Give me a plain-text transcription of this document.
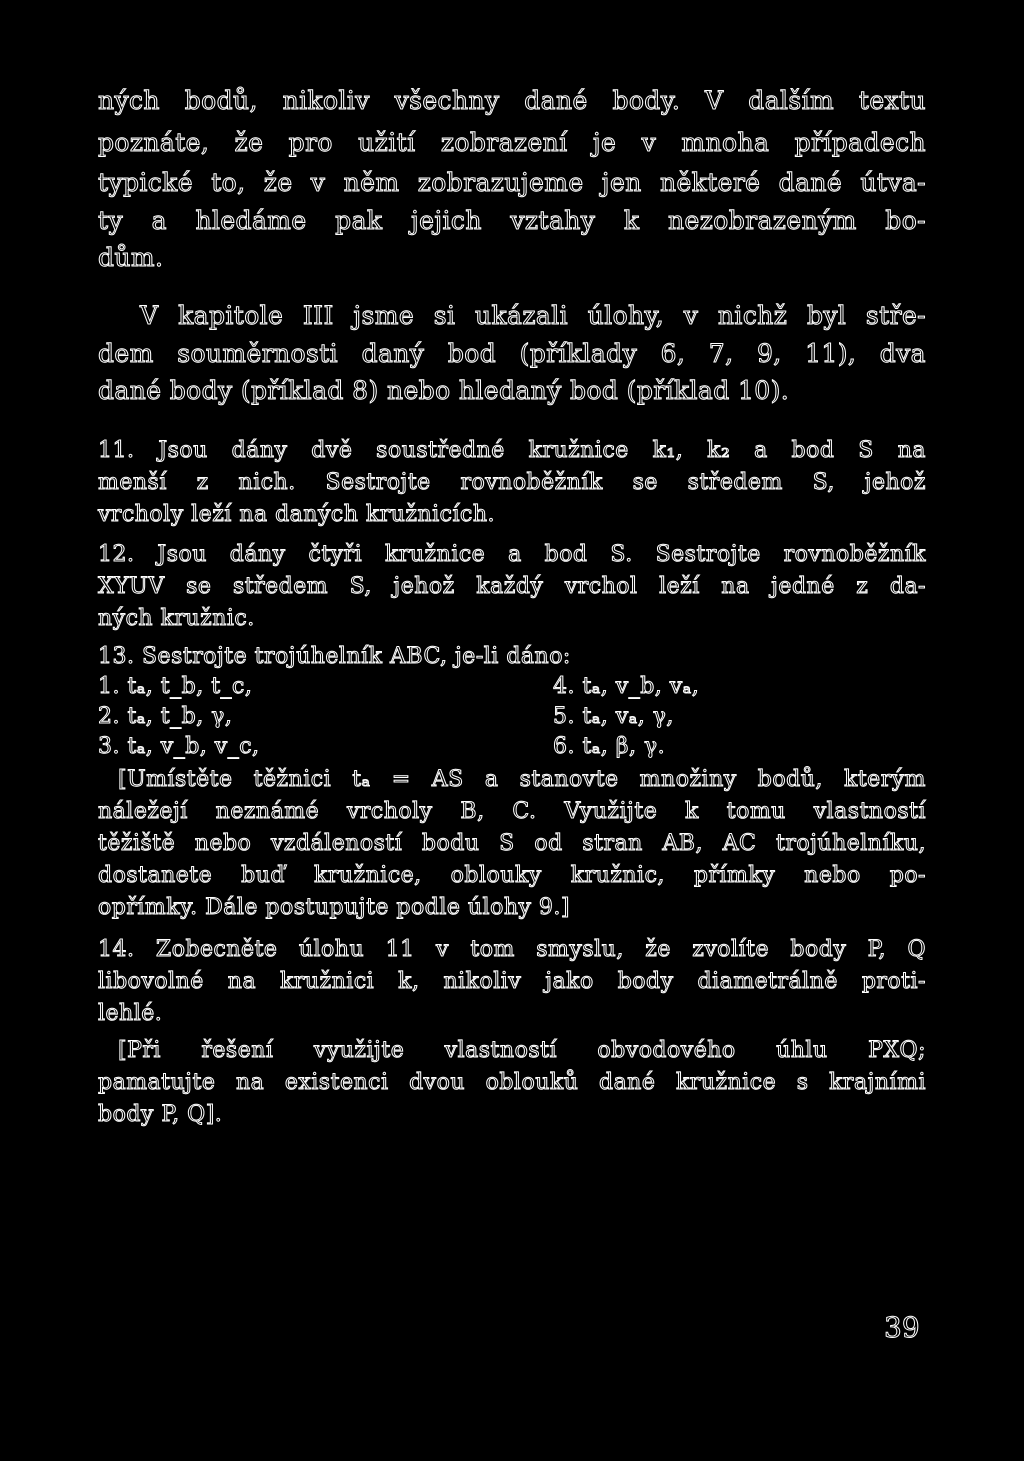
ných bodů, nikoliv všechny dané body. V dalším textu
poznáte, že pro užití zobrazení je v mnoha případech
typické to, že v něm zobrazujeme jen některé dané útva-
ty a hledáme pak jejich vztahy k nezobrazeným bo-
dům.
V kapitole III jsme si ukázali úlohy, v nichž byl stře-
dem souměrnosti daný bod (příklady 6, 7, 9, 11), dva
dané body (příklad 8) nebo hledaný bod (příklad 10).
11. Jsou dány dvě soustředné kružnice k₁, k₂ a bod S na
menší z nich. Sestrojte rovnoběžník se středem S, jehož
vrcholy leží na daných kružnicích.
12. Jsou dány čtyři kružnice a bod S. Sestrojte rovnoběžník
XYUV se středem S, jehož každý vrchol leží na jedné z da-
ných kružnic.
13. Sestrojte trojúhelník ABC, je-li dáno:
1. tₐ, t_b, t_c,
2. tₐ, t_b, γ,
3. tₐ, v_b, v_c,
4. tₐ, v_b, vₐ,
5. tₐ, vₐ, γ,
6. tₐ, β, γ.
[Umístěte těžnici tₐ = AS a stanovte množiny bodů, kterým
náležejí neznámé vrcholy B, C. Využijte k tomu vlastností
těžiště nebo vzdáleností bodu S od stran AB, AC trojúhelníku,
dostanete buď kružnice, oblouky kružnic, přímky nebo po-
opřímky. Dále postupujte podle úlohy 9.]
14. Zobecněte úlohu 11 v tom smyslu, že zvolíte body P, Q
libovolné na kružnici k, nikoliv jako body diametrálně proti-
lehlé.
[Při řešení využijte vlastností obvodového úhlu PXQ;
pamatujte na existenci dvou oblouků dané kružnice s krajními
body P, Q].
39
